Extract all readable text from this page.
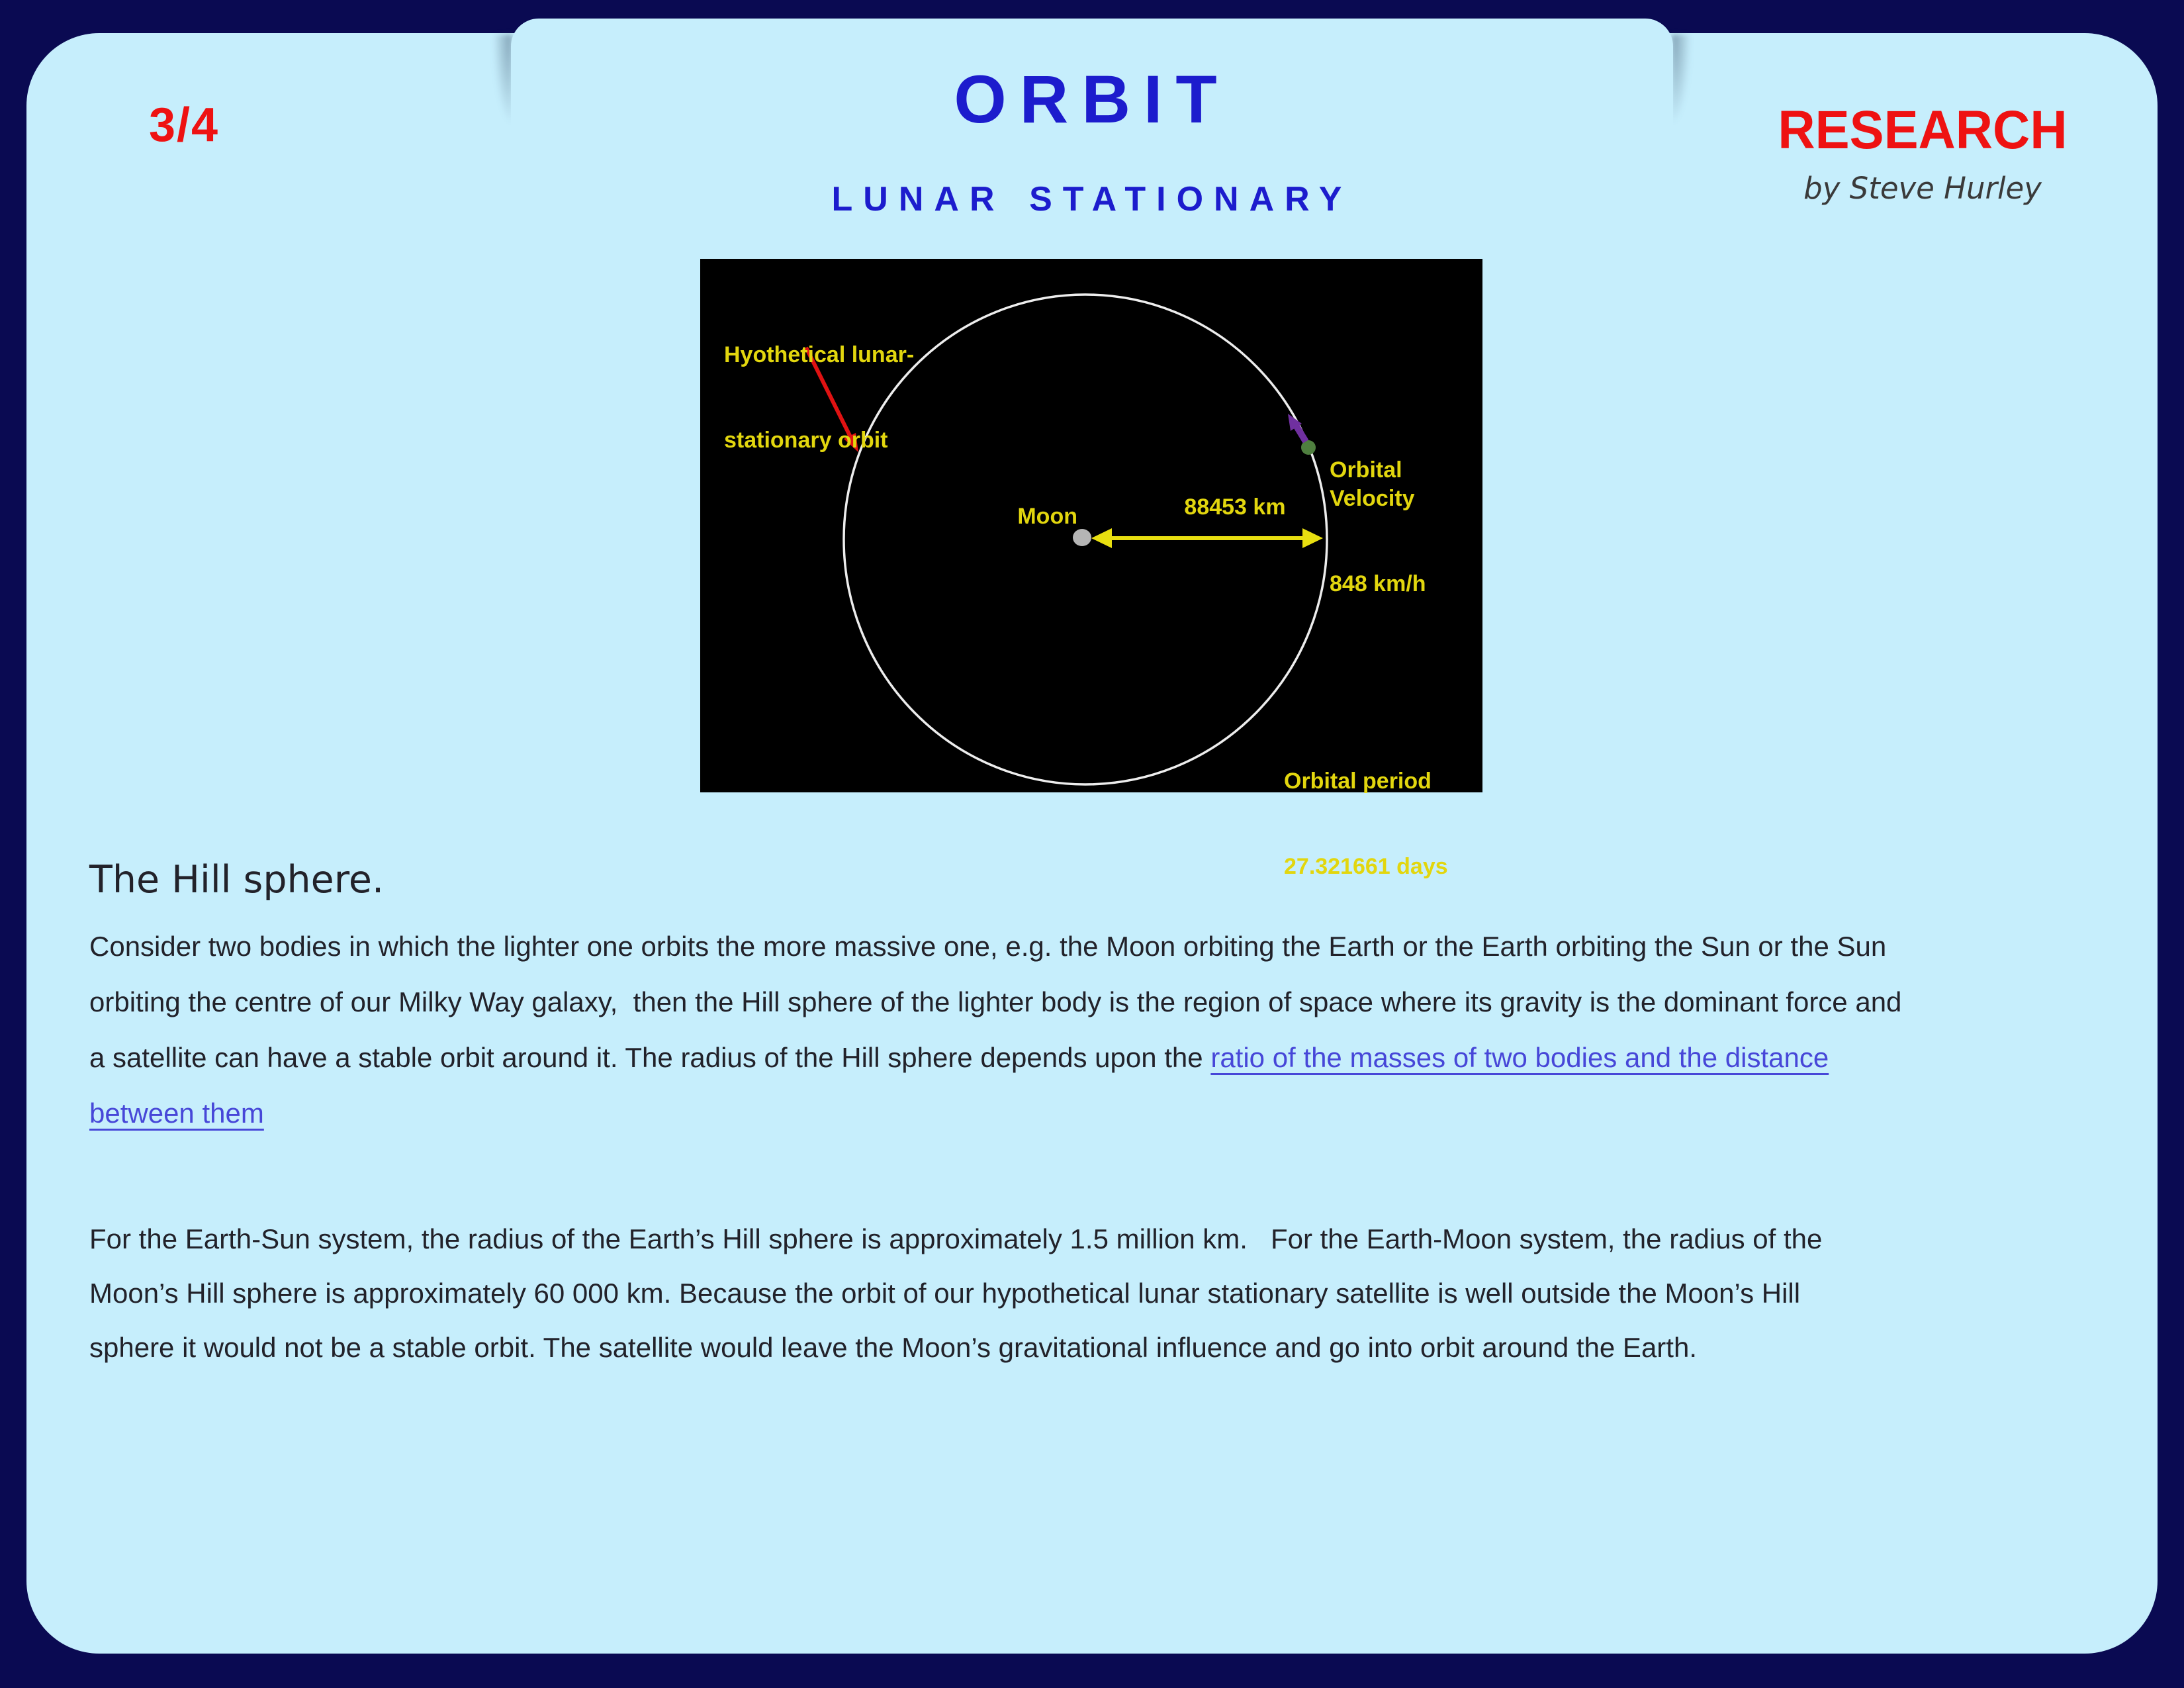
orbit
lunar stationary
3/4	RESEARCH
by Steve Hurley

Hyothetical lunar-

stationary orbit

Orbital Velocity

848 km/h

Moon	88453 km

Orbital period

27.321661 days

The Hill sphere.
Consider two bodies in which the lighter one orbits the more massive one, e.g. the Moon orbiting the Earth or the Earth orbiting the Sun or the Sun
orbiting the centre of our Milky Way galaxy,  then the Hill sphere of the lighter body is the region of space where its gravity is the dominant force and
a satellite can have a stable orbit around it. The radius of the Hill sphere depends upon the ratio of the masses of two bodies and the distance
between them
For the Earth-Sun system, the radius of the Earth’s Hill sphere is approximately 1.5 million km.   For the Earth-Moon system, the radius of the
Moon’s Hill sphere is approximately 60 000 km. Because the orbit of our hypothetical lunar stationary satellite is well outside the Moon’s Hill
sphere it would not be a stable orbit. The satellite would leave the Moon’s gravitational influence and go into orbit around the Earth.
